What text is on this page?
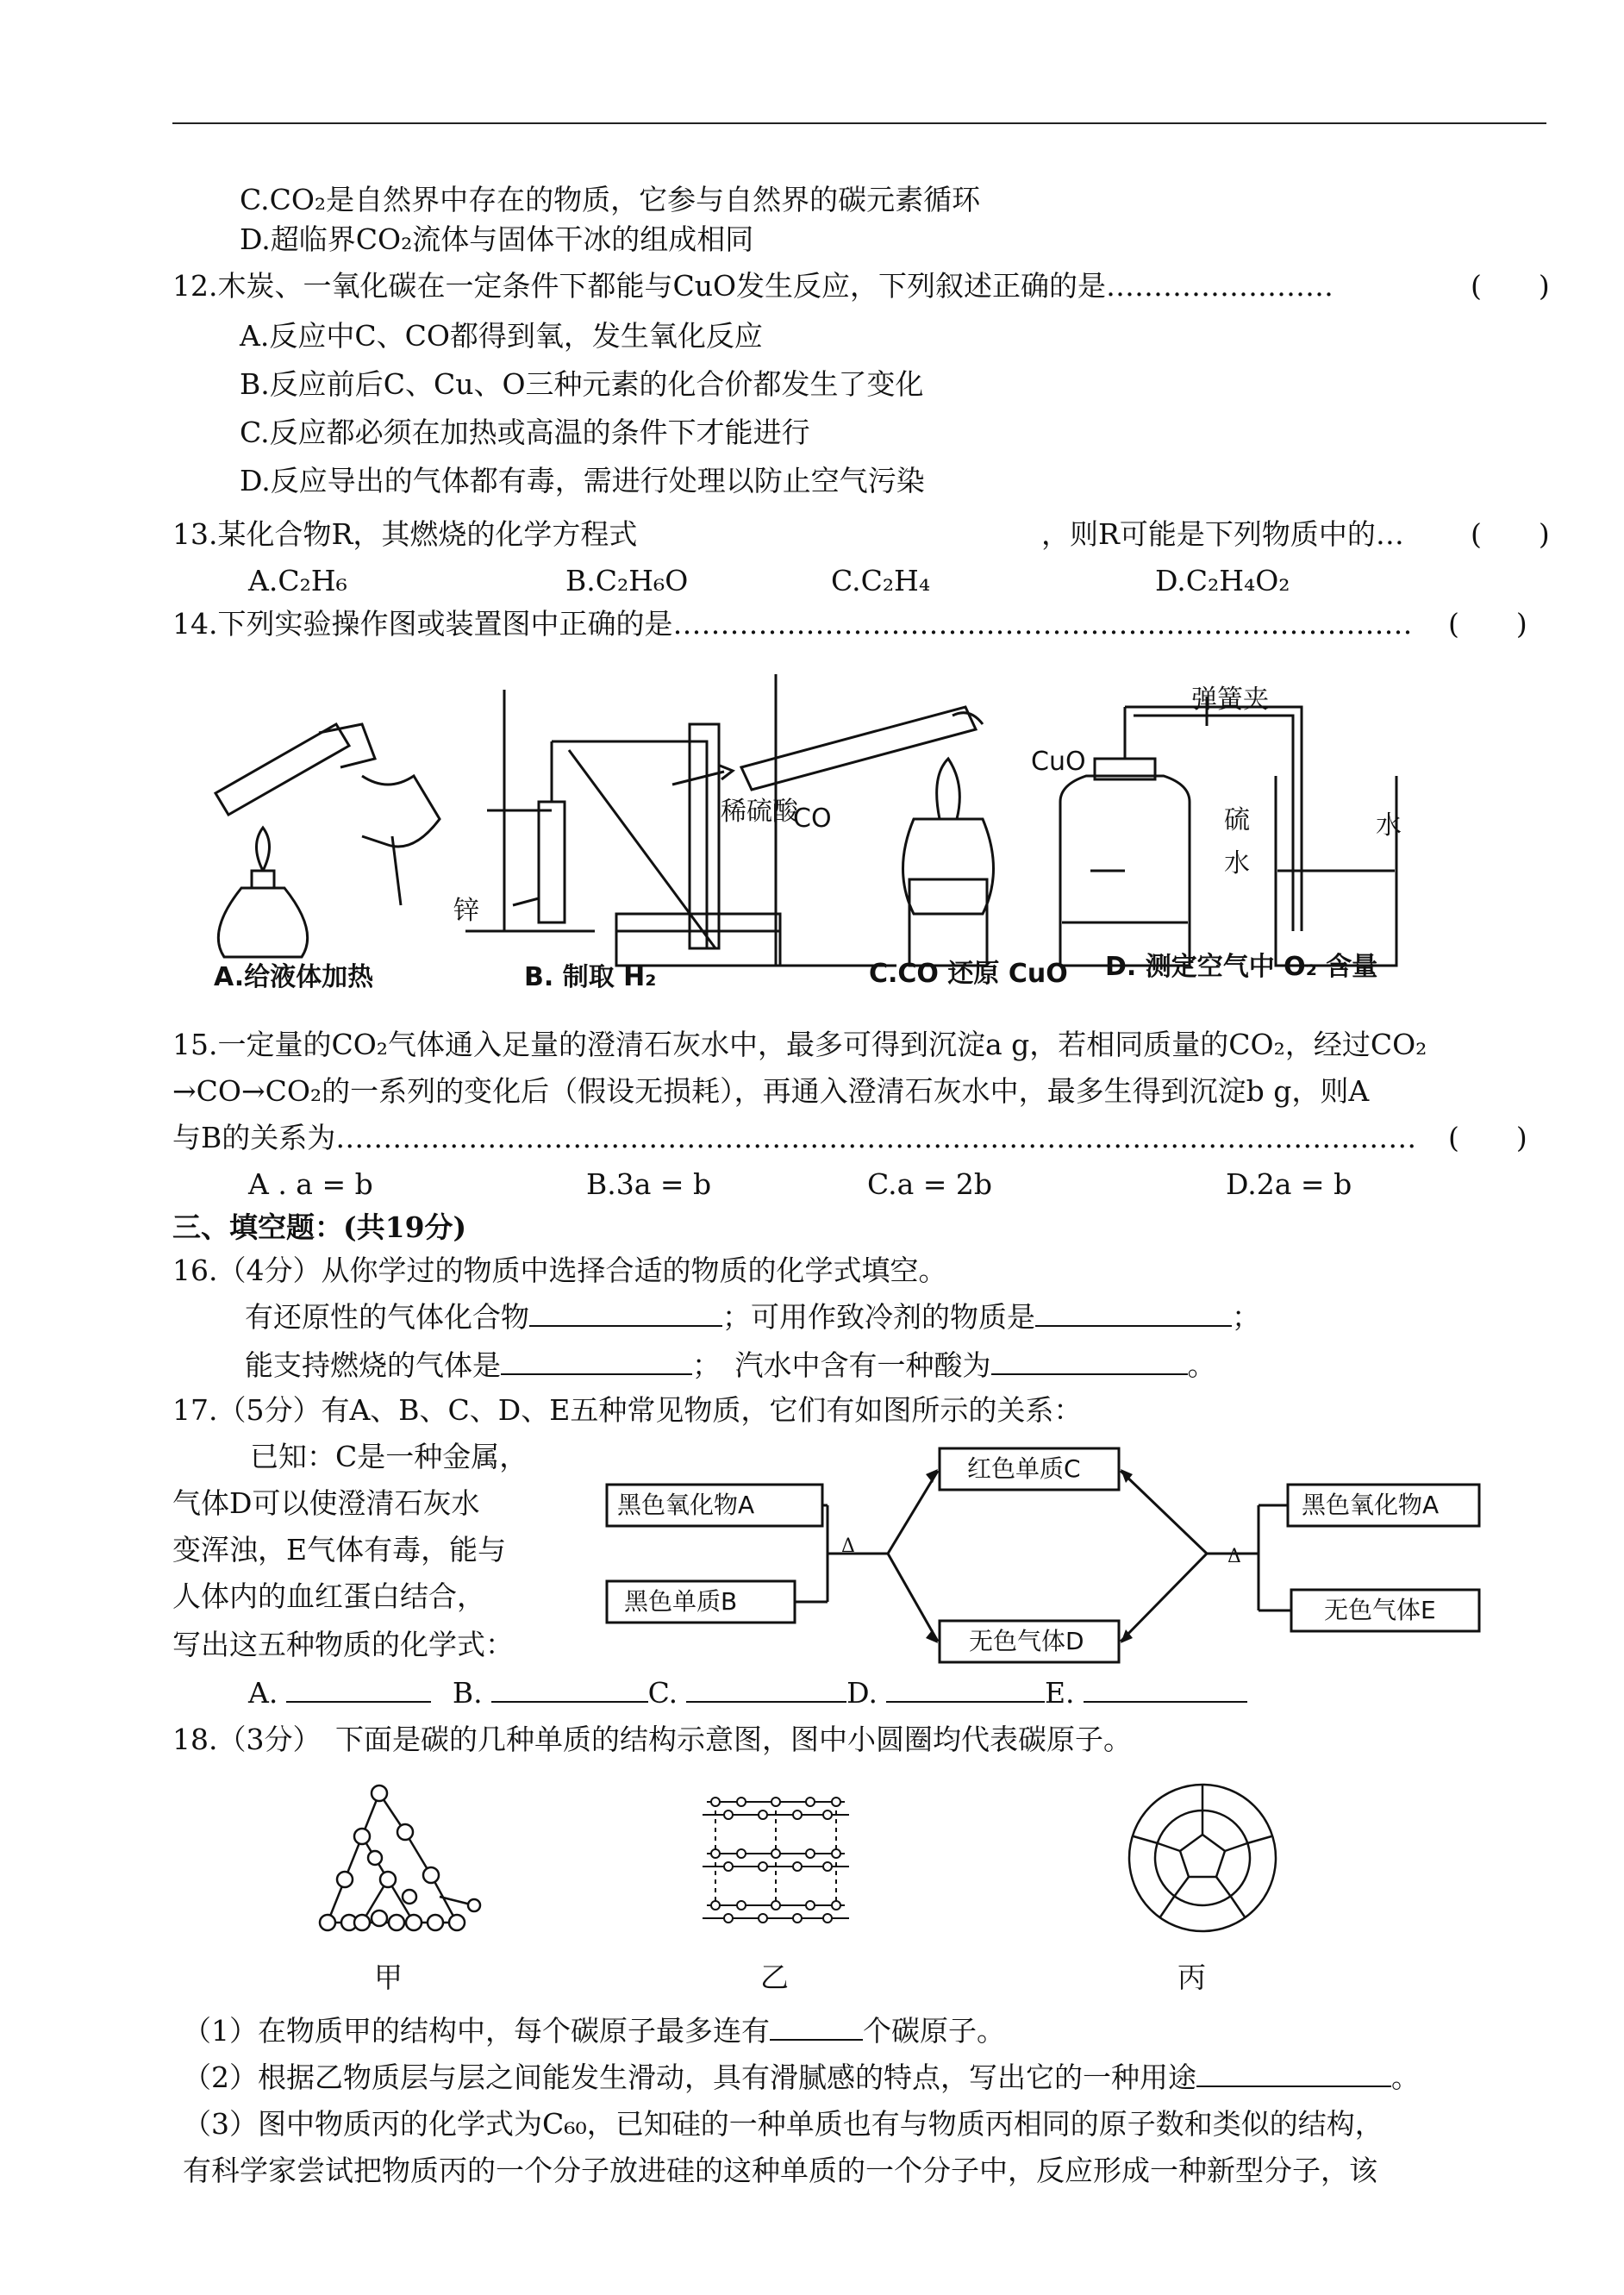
C.CO₂是自然界中存在的物质，它参与自然界的碳元素循环
D.超临界CO₂流体与固体干冰的组成相同
12.木炭、一氧化碳在一定条件下都能与CuO发生反应，下列叙述正确的是……………………	(　　)
A.反应中C、CO都得到氧，发生氧化反应
B.反应前后C、Cu、O三种元素的化合价都发生了变化
C.反应都必须在加热或高温的条件下才能进行
D.反应导出的气体都有毒，需进行处理以防止空气污染
13.某化合物R，其燃烧的化学方程式	，则R可能是下列物质中的… (　　)
A.C₂H₆	B.C₂H₆O	C.C₂H₄	D.C₂H₄O₂
14.下列实验操作图或装置图中正确的是…………………………………………………………………… (　　)
稀硫酸
锌
CO
CuO
弹簧夹
硫
水
水
A.给液体加热	B. 制取 H₂	C.CO 还原 CuO D. 测定空气中 O₂ 含量
15.一定量的CO₂气体通入足量的澄清石灰水中，最多可得到沉淀a g，若相同质量的CO₂，经过CO₂
→CO→CO₂的一系列的变化后（假设无损耗），再通入澄清石灰水中，最多生得到沉淀b g，则A
与B的关系为…………………………………………………………………………………………………… (　　)
A . a = b	B.3a = b	C.a = 2b	D.2a = b
三、填空题：(共19分)
16.（4分）从你学过的物质中选择合适的物质的化学式填空。
有还原性的气体化合物	；可用作致冷剂的物质是	；
能支持燃烧的气体是	；　汽水中含有一种酸为	。
17.（5分）有A、B、C、D、E五种常见物质，它们有如图所示的关系：
已知：C是一种金属，
气体D可以使澄清石灰水
变浑浊，E气体有毒，能与
人体内的血红蛋白结合，
写出这五种物质的化学式：
黑色氧化物A
黑色单质B
红色单质C
无色气体D
黑色氧化物A
无色气体E
Δ	Δ
A.	B.	C.	D.	E.
18.（3分）　下面是碳的几种单质的结构示意图，图中小圆圈均代表碳原子。
甲	乙	丙
（1）在物质甲的结构中，每个碳原子最多连有	个碳原子。
（2）根据乙物质层与层之间能发生滑动，具有滑腻感的特点，写出它的一种用途	。
（3）图中物质丙的化学式为C₆₀，已知硅的一种单质也有与物质丙相同的原子数和类似的结构，
有科学家尝试把物质丙的一个分子放进硅的这种单质的一个分子中，反应形成一种新型分子，该
